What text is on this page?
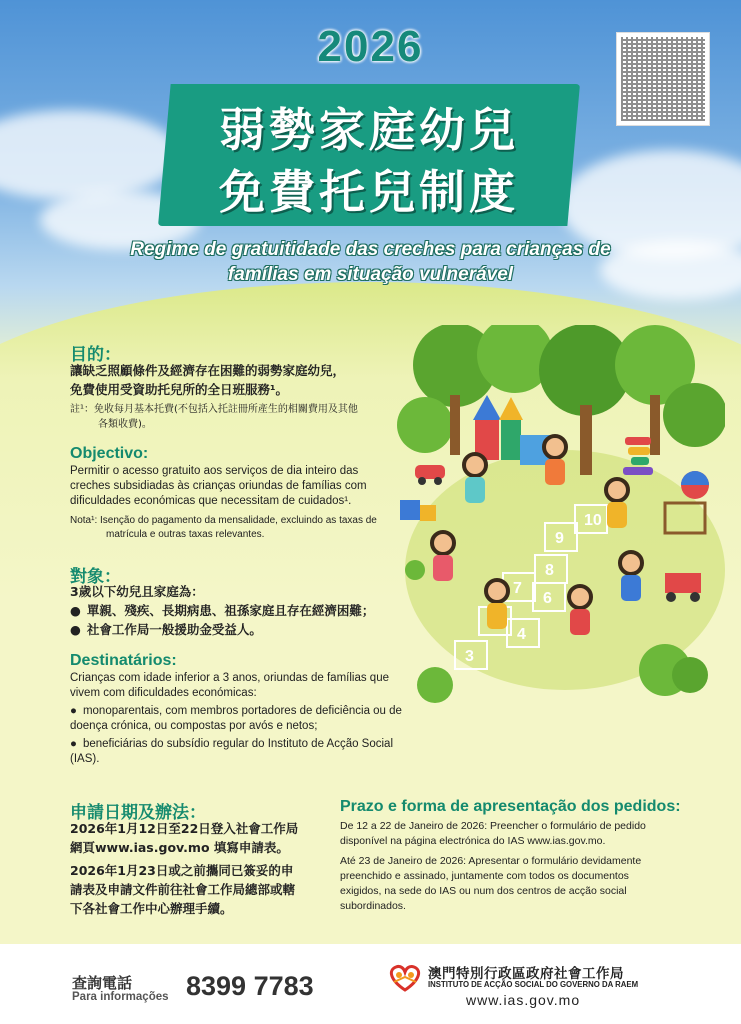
2026
弱勢家庭幼兒
免費托兒制度
Regime de gratuitidade das creches para crianças de
famílias em situação vulnerável
目的：
讓缺乏照顧條件及經濟存在困難的弱勢家庭幼兒，
免費使用受資助托兒所的全日班服務¹。
註¹：免收每月基本托費(不包括入托註冊所產生的相關費用及其他
各類收費)。
Objectivo:
Permitir o acesso gratuito aos serviços de dia inteiro das
creches subsidiadas às crianças oriundas de famílias com
dificuldades económicas que necessitam de cuidados¹.
Nota¹: Isenção do pagamento da mensalidade, excluindo as taxas de
matrícula e outras taxas relevantes.
對象：
3歲以下幼兒且家庭為：
● 單親、殘疾、長期病患、祖孫家庭且存在經濟困難；
● 社會工作局一般援助金受益人。
Destinatários:
Crianças com idade inferior a 3 anos, oriundas de famílias que
vivem com dificuldades económicas:
● monoparentais, com membros portadores de deficiência ou de
doença crónica, ou compostas por avós e netos;
● beneficiárias do subsídio regular do Instituto de Acção Social (IAS).
10
9
8
7
6
4
3
申請日期及辦法：
2026年1月12日至22日登入社會工作局
網頁www.ias.gov.mo 填寫申請表。
2026年1月23日或之前攜同已簽妥的申
請表及申請文件前往社會工作局總部或轄
下各社會工作中心辦理手續。
Prazo e forma de apresentação dos pedidos:
De 12 a 22 de Janeiro de 2026: Preencher o formulário de pedido
disponível na página electrónica do IAS www.ias.gov.mo.
Até 23 de Janeiro de 2026: Apresentar o formulário devidamente
preenchido e assinado, juntamente com todos os documentos
exigidos, na sede do IAS ou num dos centros de acção social
subordinados.
查詢電話
Para informações 8399 7783	澳門特別行政區政府社會工作局
INSTITUTO DE ACÇÃO SOCIAL DO GOVERNO DA RAEM
www.ias.gov.mo
